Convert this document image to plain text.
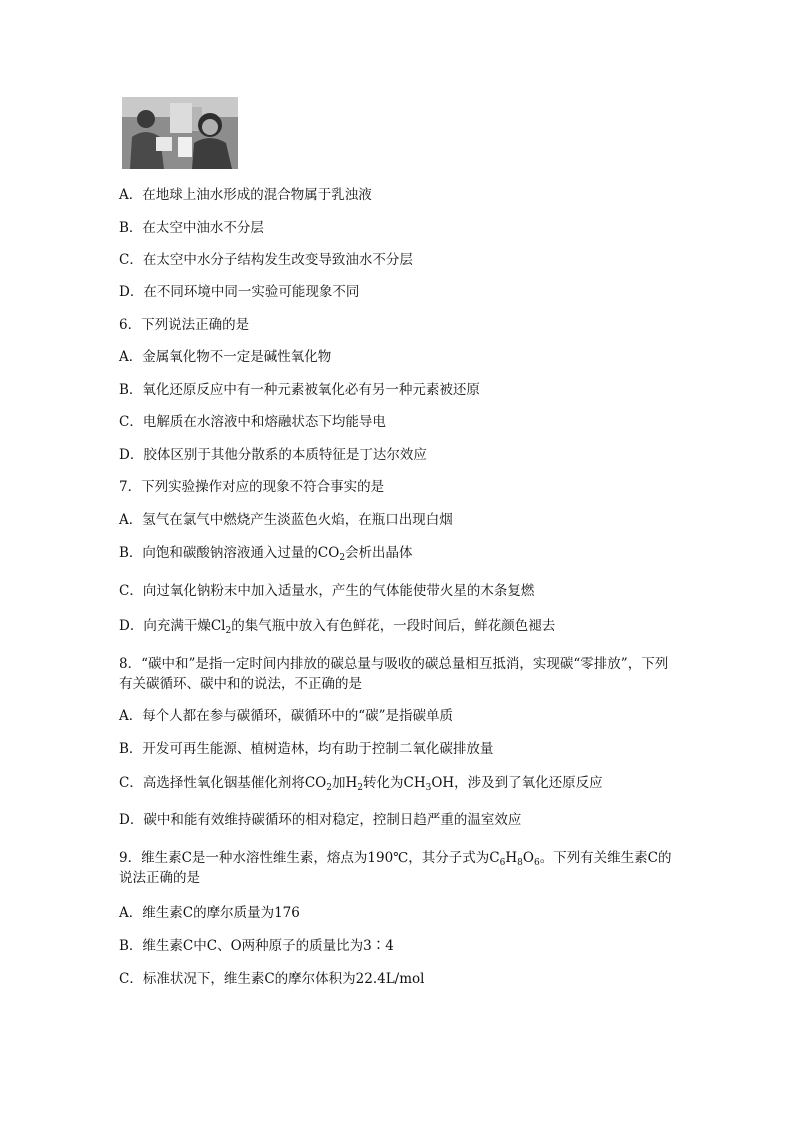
A．在地球上油水形成的混合物属于乳浊液
B．在太空中油水不分层
C．在太空中水分子结构发生改变导致油水不分层
D．在不同环境中同一实验可能现象不同
6．下列说法正确的是
A．金属氧化物不一定是碱性氧化物
B．氧化还原反应中有一种元素被氧化必有另一种元素被还原
C．电解质在水溶液中和熔融状态下均能导电
D．胶体区别于其他分散系的本质特征是丁达尔效应
7．下列实验操作对应的现象不符合事实的是
A．氢气在氯气中燃烧产生淡蓝色火焰，在瓶口出现白烟
B．向饱和碳酸钠溶液通入过量的$CO_2$会析出晶体
C．向过氧化钠粉末中加入适量水，产生的气体能使带火星的木条复燃
D．向充满干燥$Cl_2$的集气瓶中放入有色鲜花，一段时间后，鲜花颜色褪去
8．“碳中和”是指一定时间内排放的碳总量与吸收的碳总量相互抵消，实现碳“零排放”，下列有关碳循环、碳中和的说法，不正确的是
A．每个人都在参与碳循环，碳循环中的“碳”是指碳单质
B．开发可再生能源、植树造林，均有助于控制二氧化碳排放量
C．高选择性氧化铟基催化剂将$CO_2$加$H_2$转化为$CH_3OH$，涉及到了氧化还原反应
D．碳中和能有效维持碳循环的相对稳定，控制日趋严重的温室效应
9．维生素C是一种水溶性维生素，熔点为190℃，其分子式为$C_6H_8O_6$。下列有关维生素C的说法正确的是
A．维生素C的摩尔质量为176
B．维生素C中C、O两种原子的质量比为3∶4
C．标准状况下，维生素C的摩尔体积为22.4L/mol
